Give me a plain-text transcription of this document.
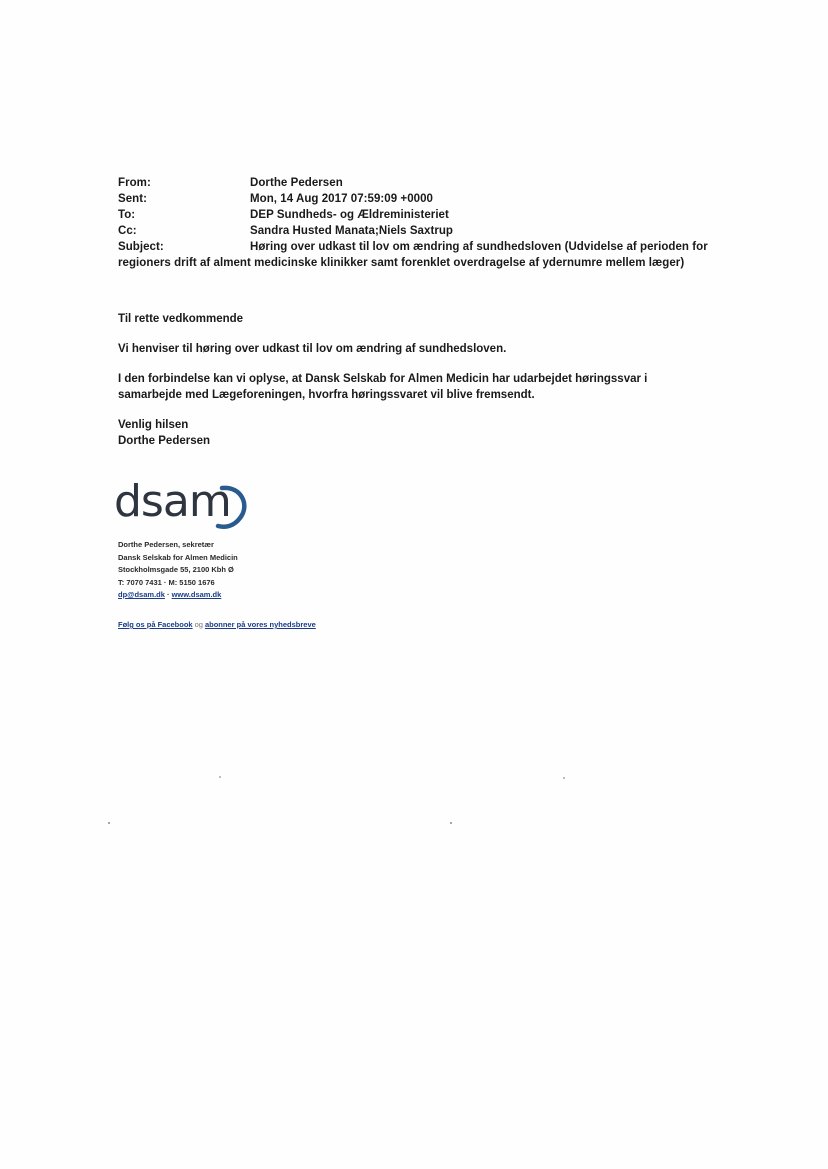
From:	Dorthe Pedersen
Sent:	Mon, 14 Aug 2017 07:59:09 +0000
To:	DEP Sundheds- og Ældreministeriet
Cc:	Sandra Husted Manata;Niels Saxtrup
Subject:	Høring over udkast til lov om ændring af sundhedsloven (Udvidelse af perioden for
regioners drift af alment medicinske klinikker samt forenklet overdragelse af ydernumre mellem læger)

Til rette vedkommende

Vi henviser til høring over udkast til lov om ændring af sundhedsloven.

I den forbindelse kan vi oplyse, at Dansk Selskab for Almen Medicin har udarbejdet høringssvar i
samarbejde med Lægeforeningen, hvorfra høringssvaret vil blive fremsendt.

Venlig hilsen
Dorthe Pedersen

dsam
Dorthe Pedersen, sekretær
Dansk Selskab for Almen Medicin
Stockholmsgade 55, 2100 Kbh Ø
T: 7070 7431 · M: 5150 1676
dp@dsam.dk · www.dsam.dk
Følg os på Facebook og abonner på vores nyhedsbreve
